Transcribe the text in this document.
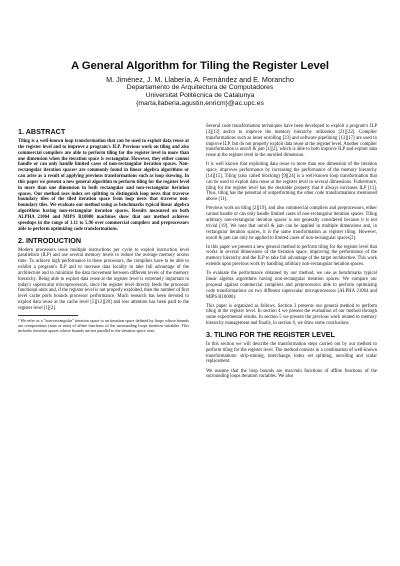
A General Algorithm for Tiling the Register Level

M. Jiménez, J. M. Llabería, A. Fernández and E. Morancho

Departamento de Arquitectura de Computadores

Universitat Politècnica de Catalunya

{marta,llaberia,agustin,enricm}@ac.upc.es

1. ABSTRACT

Tiling is a well-known loop transformation that can be used to exploit data reuse at the register level and to improve a program's ILP. Previous work on tiling and also commercial compilers are able to perform tiling for the register level in more than one dimension when the iteration space is rectangular. However, they either cannot handle or can only handle limited cases of non-rectangular iteration spaces. Non-rectangular iteration spaces¹ are commonly found in linear algebra algorithms or can arise as a result of applying previous transformations such as loop skewing. In this paper we present a new general algorithm to perform tiling for the register level in more than one dimension in both rectangular and non-rectangular iteration spaces. Our method uses index set splitting to distinguish loop nests that traverse boundary tiles of the tiled iteration space from loop nests that traverse non-boundary tiles. We evaluate our method using as benchmarks typical linear algebra algorithms having non-rectangular iteration spaces. Results measured on both ALPHA 21064 and MIPS R10000 machines show that our method achieves speedups in the range of 1.11 to 5.96 over commercial compilers and preprocessors able to perform optimizing code transformations.

2. INTRODUCTION

Modern processors issue multiple instructions per cycle to exploit instruction level parallelism (ILP) and use several memory levels to reduce the average memory access time. To achieve high performance in these processors, the compilers have to be able to exhibit a program's ILP and to increase data locality to take full advantage of the architecture and to minimize the data movement between different levels of the memory hierarchy. Being able to exploit data reuse at the register level is extremely important in today's superscalar microprocessors, since the register level directly feeds the processor functional units and, if the register level is not properly exploited, then the number of first level cache ports bounds processor performance. Much research has been devoted to exploit data reuse at the cache level [5][12][20] and less attention has been paid to the register level [1][2].

¹ We refer as a "non-rectangular" iteration space to an iteration space defined by loops whose bounds are compositions (max or min) of affine functions of the surrounding loops iteration variables. This includes iteration spaces whose bounds are not parallel to the iteration space axes.

Several code transformation techniques have been developed to exploit a program's ILP [3][13] and/or to improve the memory hierarchy utilization [21][22]. Compiler transformations such as inner unrolling [23] and software pipelining [13][17] are used to improve ILP, but do not properly exploit data reuse at the register level. Another compiler transformation is unroll & jam [1][2], which is able to both improve ILP and exploit data reuse at the register level in the unrolled dimension.

It is well known that exploiting data reuse in more than one dimension of the iteration space, improves performance by increasing the performance of the memory hierarchy [14][15]. Tiling (also called blocking) [9][24] is a well-known loop transformation that can be used to exploit data reuse at the register level in several dimensions. Futhermore, tiling for the register level has the desirable property that it always increases ILP [11]. Thus, tiling has the potential of outperforming the other code transformations mentioned above [11].

Previous work on tiling [2][19], and also commercial compilers and preprocessors, either cannot handle or can only handle limited cases of non-rectangular iteration spaces. Tiling arbitrary non-rectangular iteration spaces is not generally considered because it is not trivial [19]. We note that unroll & jam can be applied in multiple dimensions and, in rectangular iteration spaces, it is the same transformation as register tiling. However, unroll & jam can only be applied to limited cases of non-rectangular spaces[2].

In this paper we present a new general method to perform tiling for the register level that works in several dimensions of the iteration space, improving the performance of the memory hierarchy and the ILP to take full advantage of the target architecture. This work extends upon previous work by handling arbitrary non-rectangular iteration spaces.

To evaluate the performance obtained by our method, we use as benchmarks typical linear algebra algorithms having non-rectangular iteration spaces. We compare our proposal against commercial compilers and preprocessors able to perform optimizing code transformations on two different superscalar microprocessors (ALPHA 21064 and MIPS R10000).

This paper is organized as follows. Section 3 presents our general method to perform tiling at the register level. In section 4 we present the evaluation of our method through some experimental results. In section 5 we present the previous work related to memory hierarchy management and finally, in section 6, we draw some conclusions.

3. TILING FOR THE REGISTER LEVEL

In this section we will describe the transformation steps carried out by our method to perform tiling for the register level. The method consists in a combination of well-known transformations: strip-mining, interchange, index set splitting, unrolling and scalar replacement.

We assume that the loop bounds are max/min functions of affine functions of the surrounding loops iteration variables. We also
